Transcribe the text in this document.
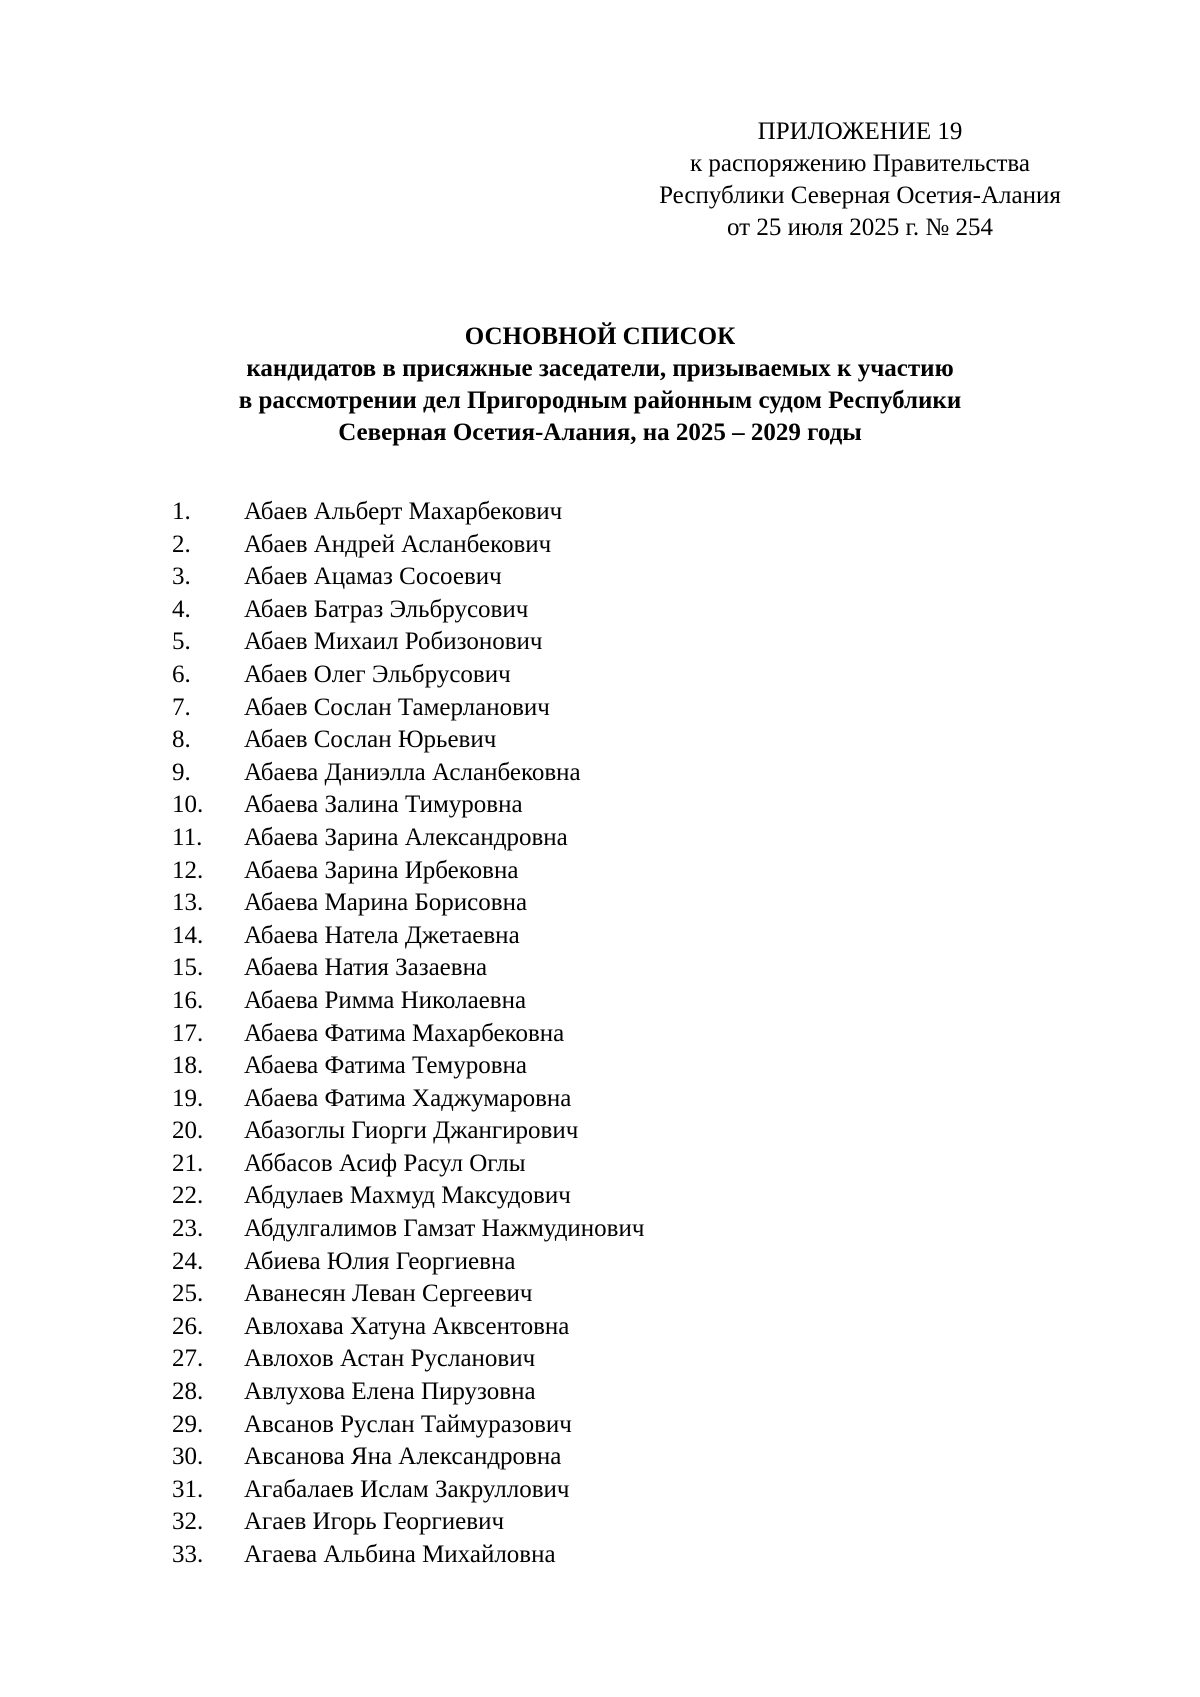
ПРИЛОЖЕНИЕ 19
к распоряжению Правительства
Республики Северная Осетия-Алания
от 25 июля 2025 г. № 254
ОСНОВНОЙ СПИСОК
кандидатов в присяжные заседатели, призываемых к участию
в рассмотрении дел Пригородным районным судом Республики
Северная Осетия-Алания, на 2025 – 2029 годы
1. Абаев Альберт Махарбекович
2. Абаев Андрей Асланбекович
3. Абаев Ацамаз Сосоевич
4. Абаев Батраз Эльбрусович
5. Абаев Михаил Робизонович
6. Абаев Олег Эльбрусович
7. Абаев Сослан Тамерланович
8. Абаев Сослан Юрьевич
9. Абаева Даниэлла Асланбековна
10. Абаева Залина Тимуровна
11. Абаева Зарина Александровна
12. Абаева Зарина Ирбековна
13. Абаева Марина Борисовна
14. Абаева Натела Джетаевна
15. Абаева Натия Зазаевна
16. Абаева Римма Николаевна
17. Абаева Фатима Махарбековна
18. Абаева Фатима Темуровна
19. Абаева Фатима Хаджумаровна
20. Абазоглы Гиорги Джангирович
21. Аббасов Асиф Расул Оглы
22. Абдулаев Махмуд Максудович
23. Абдулгалимов Гамзат Нажмудинович
24. Абиева Юлия Георгиевна
25. Аванесян Леван Сергеевич
26. Авлохава Хатуна Аквсентовна
27. Авлохов Астан Русланович
28. Авлухова Елена Пирузовна
29. Авсанов Руслан Таймуразович
30. Авсанова Яна Александровна
31. Агабалаев Ислам Закруллович
32. Агаев Игорь Георгиевич
33. Агаева Альбина Михайловна
